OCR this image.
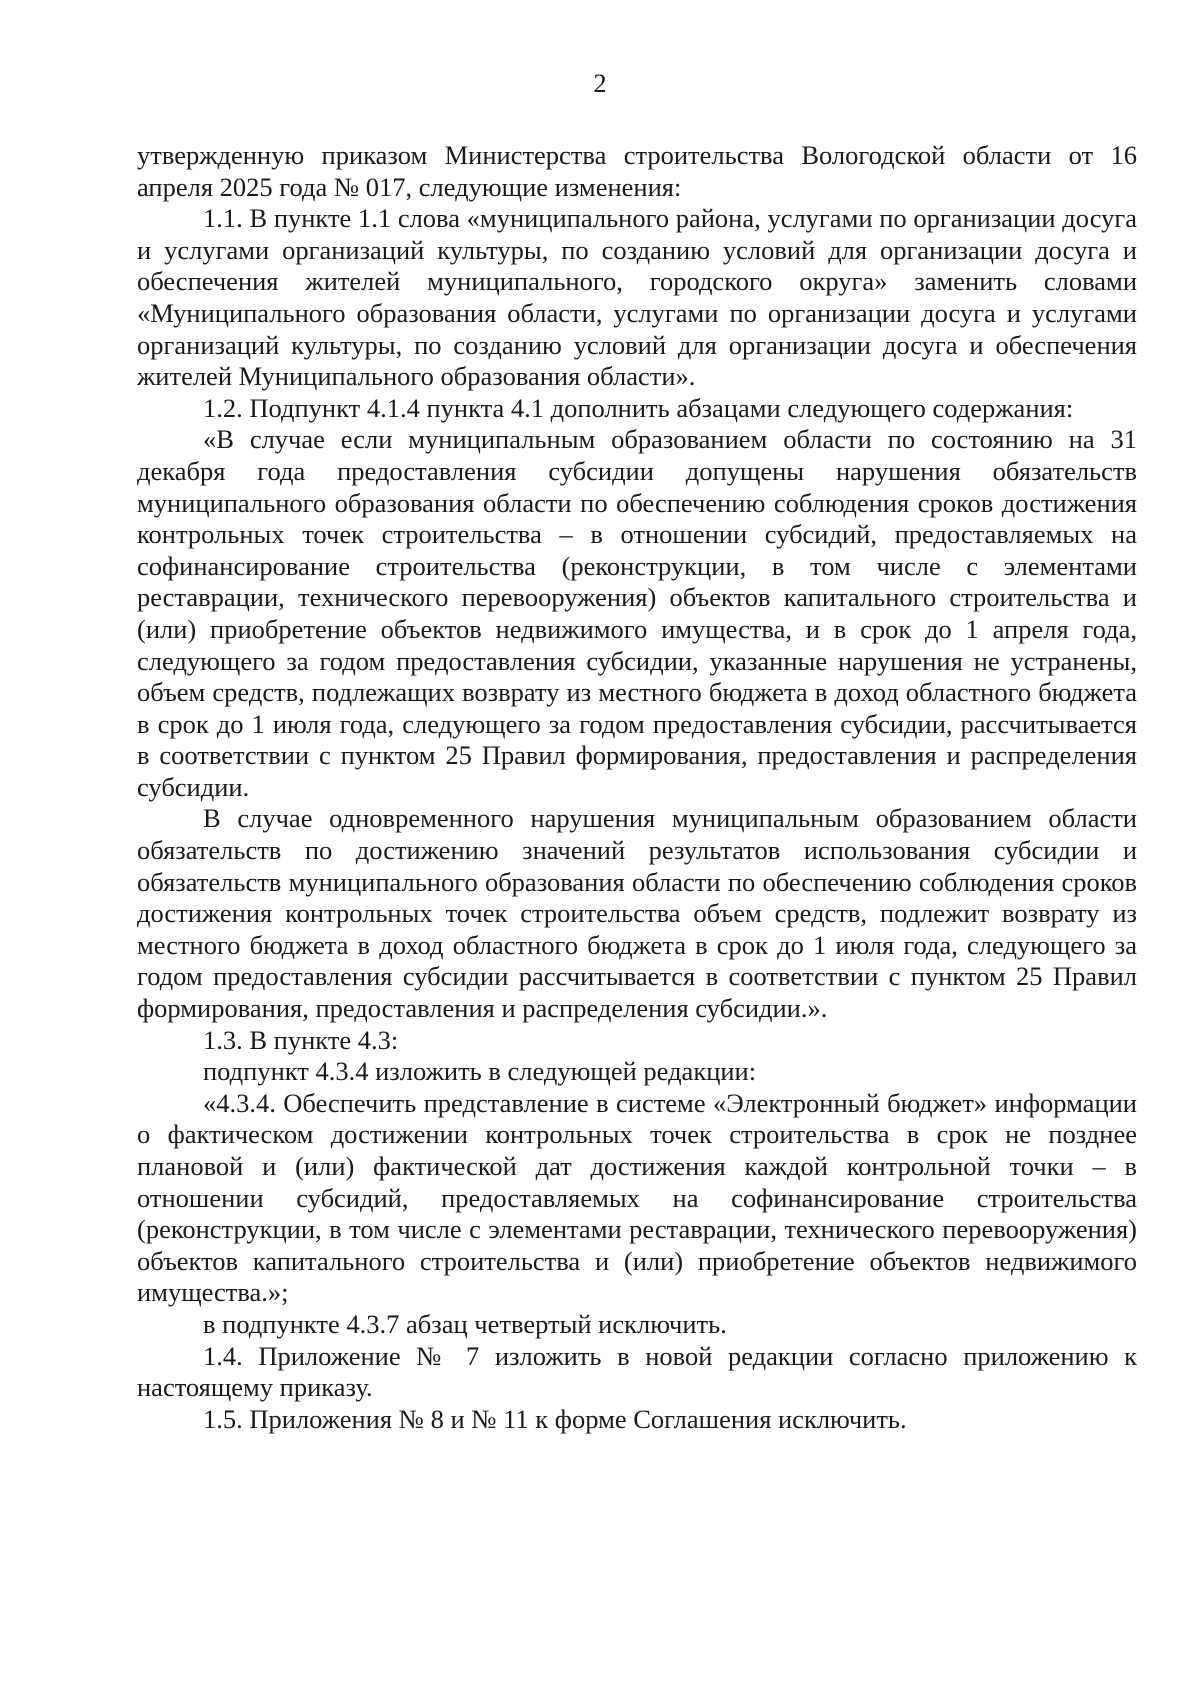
2

утвержденную приказом Министерства строительства Вологодской области от 16 апреля 2025 года № 017, следующие изменения:

1.1. В пункте 1.1 слова «муниципального района, услугами по организации досуга и услугами организаций культуры, по созданию условий для организации досуга и обеспечения жителей муниципального, городского округа» заменить словами «Муниципального образования области, услугами по организации досуга и услугами организаций культуры, по созданию условий для организации досуга и обеспечения жителей Муниципального образования области».

1.2. Подпункт 4.1.4 пункта 4.1 дополнить абзацами следующего содержания:

«В случае если муниципальным образованием области по состоянию на 31 декабря года предоставления субсидии допущены нарушения обязательств муниципального образования области по обеспечению соблюдения сроков достижения контрольных точек строительства – в отношении субсидий, предоставляемых на софинансирование строительства (реконструкции, в том числе с элементами реставрации, технического перевооружения) объектов капитального строительства и (или) приобретение объектов недвижимого имущества, и в срок до 1 апреля года, следующего за годом предоставления субсидии, указанные нарушения не устранены, объем средств, подлежащих возврату из местного бюджета в доход областного бюджета в срок до 1 июля года, следующего за годом предоставления субсидии, рассчитывается в соответствии с пунктом 25 Правил формирования, предоставления и распределения субсидии.

В случае одновременного нарушения муниципальным образованием области обязательств по достижению значений результатов использования субсидии и обязательств муниципального образования области по обеспечению соблюдения сроков достижения контрольных точек строительства объем средств, подлежит возврату из местного бюджета в доход областного бюджета в срок до 1 июля года, следующего за годом предоставления субсидии рассчитывается в соответствии с пунктом 25 Правил формирования, предоставления и распределения субсидии.».

1.3. В пункте 4.3:

подпункт 4.3.4 изложить в следующей редакции:

«4.3.4. Обеспечить представление в системе «Электронный бюджет» информации о фактическом достижении контрольных точек строительства в срок не позднее плановой и (или) фактической дат достижения каждой контрольной точки – в отношении субсидий, предоставляемых на софинансирование строительства (реконструкции, в том числе с элементами реставрации, технического перевооружения) объектов капитального строительства и (или) приобретение объектов недвижимого имущества.»;

в подпункте 4.3.7 абзац четвертый исключить.

1.4. Приложение № 7 изложить в новой редакции согласно приложению к настоящему приказу.

1.5. Приложения № 8 и № 11 к форме Соглашения исключить.
